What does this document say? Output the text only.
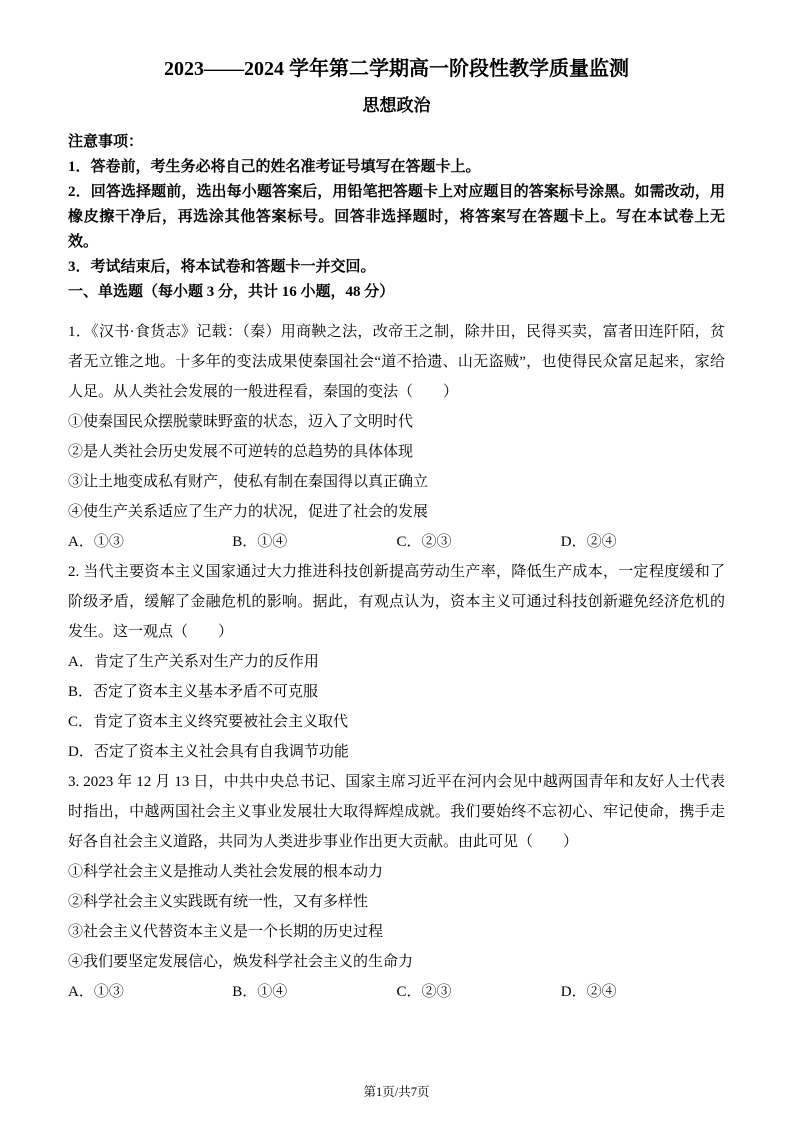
2023——2024 学年第二学期高一阶段性教学质量监测
思想政治

注意事项：

1．答卷前，考生务必将自己的姓名准考证号填写在答题卡上。

2．回答选择题前，选出每小题答案后，用铅笔把答题卡上对应题目的答案标号涂黑。如需改动，用橡皮擦干净后，再选涂其他答案标号。回答非选择题时，将答案写在答题卡上。写在本试卷上无效。

3．考试结束后，将本试卷和答题卡一并交回。

一、单选题（每小题 3 分，共计 16 小题，48 分）

1．《汉书·食货志》记载：（秦）用商鞅之法，改帝王之制，除井田，民得买卖，富者田连阡陌，贫者无立锥之地。十多年的变法成果使秦国社会“道不拾遗、山无盗贼”，也使得民众富足起来，家给人足。从人类社会发展的一般进程看，秦国的变法（　　）

①使秦国民众摆脱蒙昧野蛮的状态，迈入了文明时代

②是人类社会历史发展不可逆转的总趋势的具体体现

③让土地变成私有财产，使私有制在秦国得以真正确立

④使生产关系适应了生产力的状况，促进了社会的发展

A．①③	B．①④	C．②③	D．②④

2. 当代主要资本主义国家通过大力推进科技创新提高劳动生产率，降低生产成本，一定程度缓和了阶级矛盾，缓解了金融危机的影响。据此，有观点认为，资本主义可通过科技创新避免经济危机的发生。这一观点（　　）

A．肯定了生产关系对生产力的反作用

B．否定了资本主义基本矛盾不可克服

C．肯定了资本主义终究要被社会主义取代

D．否定了资本主义社会具有自我调节功能

3. 2023 年 12 月 13 日，中共中央总书记、国家主席习近平在河内会见中越两国青年和友好人士代表时指出，中越两国社会主义事业发展壮大取得辉煌成就。我们要始终不忘初心、牢记使命，携手走好各自社会主义道路，共同为人类进步事业作出更大贡献。由此可见（　　）

①科学社会主义是推动人类社会发展的根本动力

②科学社会主义实践既有统一性，又有多样性

③社会主义代替资本主义是一个长期的历史过程

④我们要坚定发展信心，焕发科学社会主义的生命力

A．①③	B．①④	C．②③	D．②④
第1页/共7页
